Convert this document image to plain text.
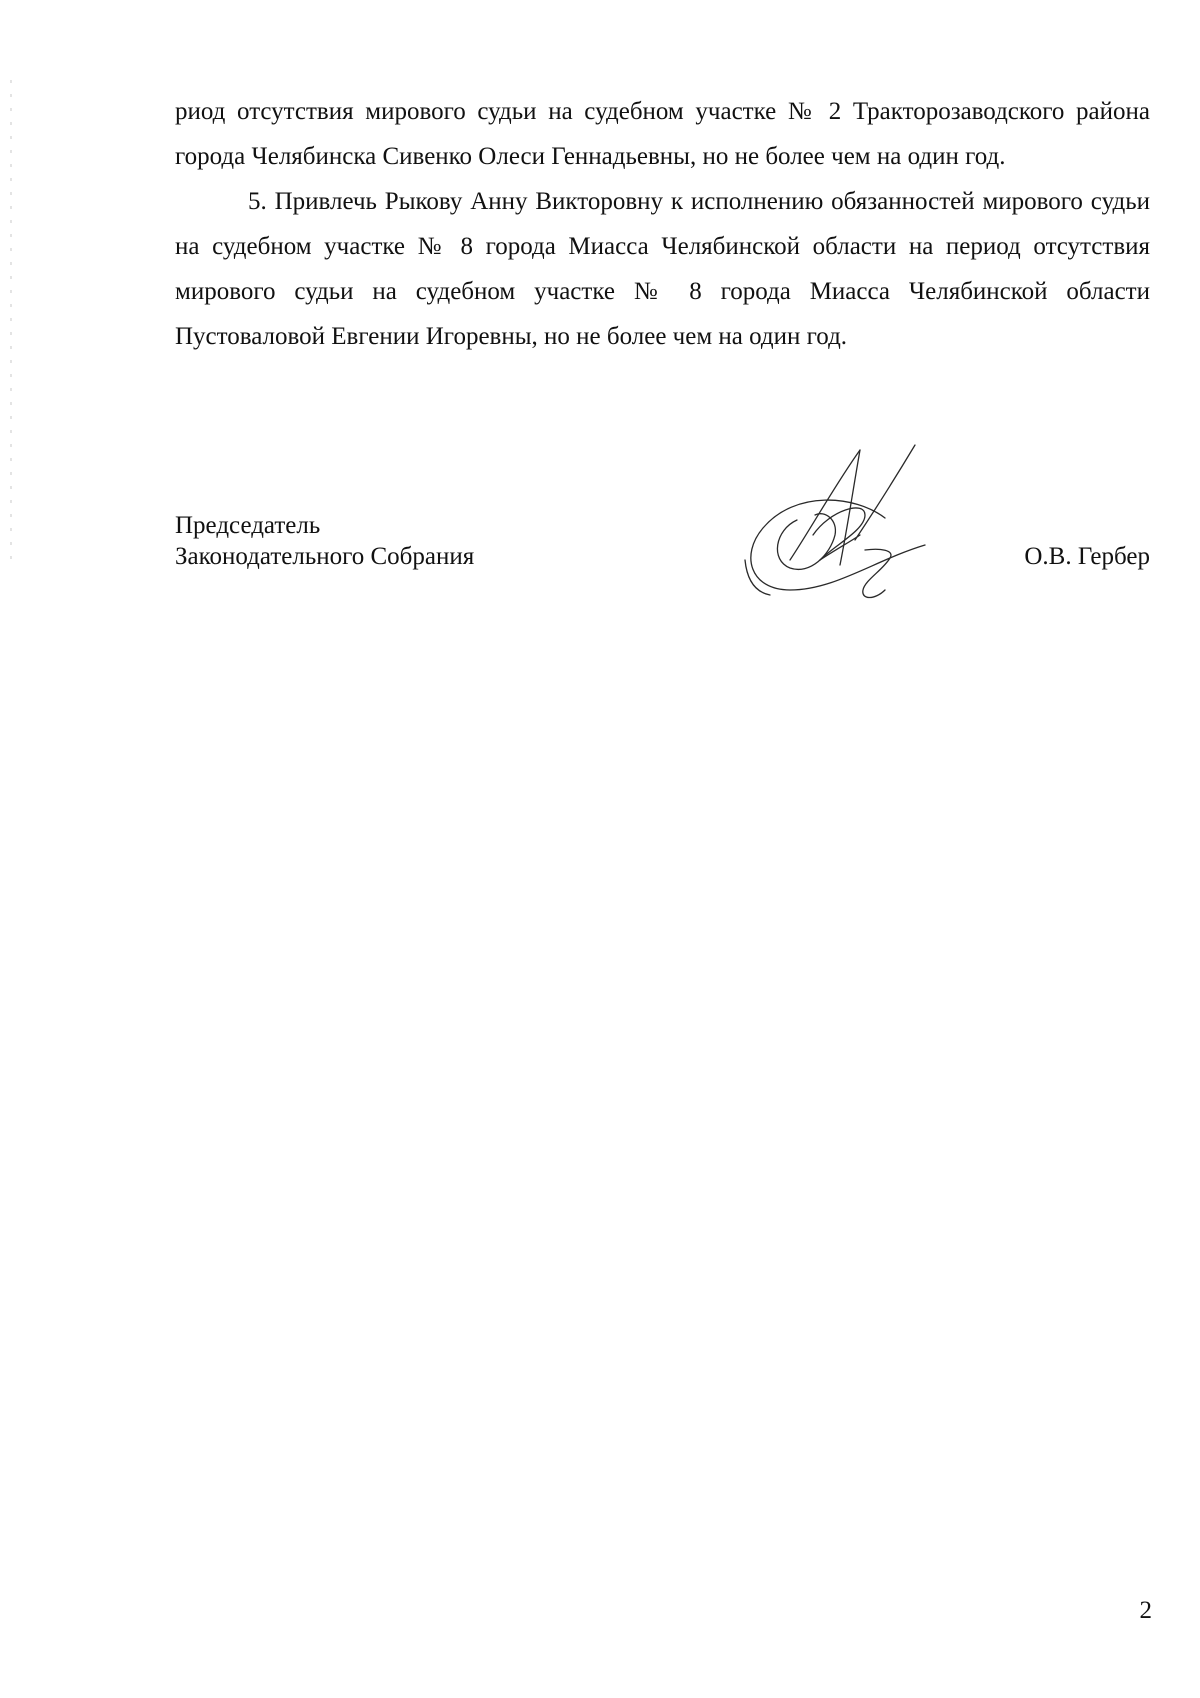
риод отсутствия мирового судьи на судебном участке № 2 Тракторозаводского района города Челябинска Сивенко Олеси Геннадьевны, но не более чем на один год.

5. Привлечь Рыкову Анну Викторовну к исполнению обязанностей мирового судьи на судебном участке № 8 города Миасса Челябинской области на период отсутствия мирового судьи на судебном участке № 8 города Миасса Челябинской области Пустоваловой Евгении Игоревны, но не более чем на один год.

Председатель
Законодательного Собрания	О.В. Гербер
2
